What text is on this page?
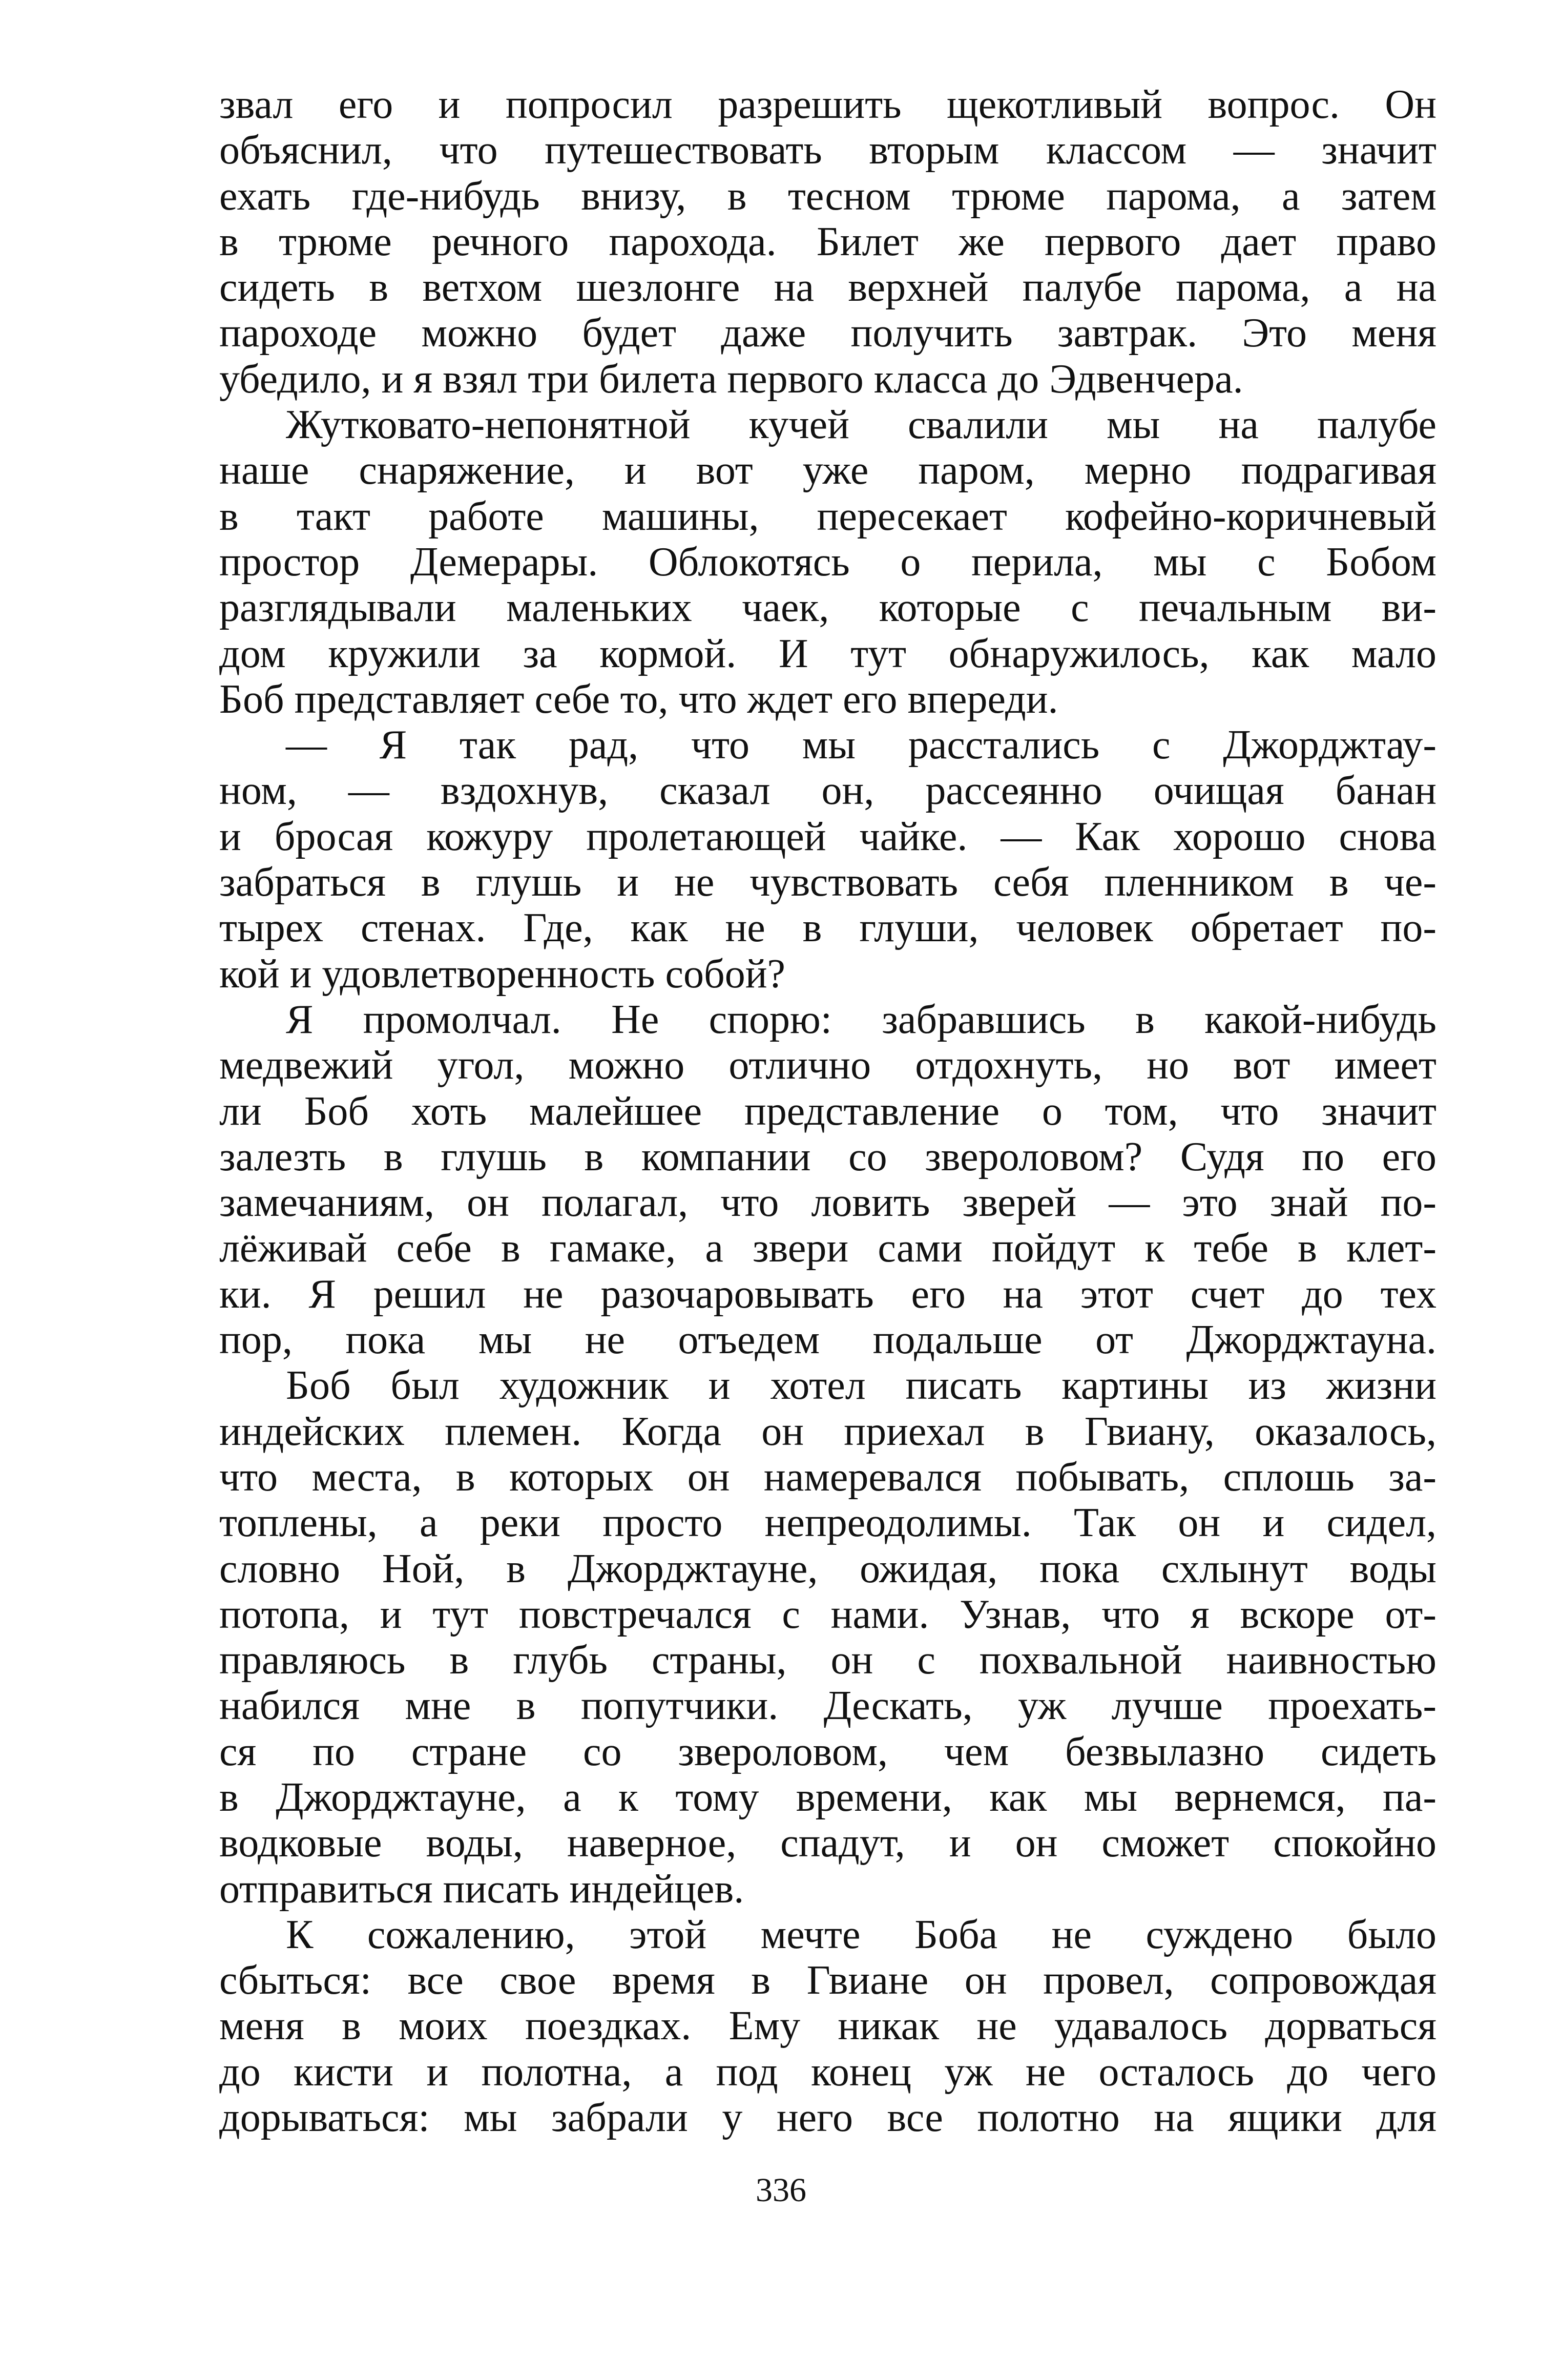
звал его и попросил разрешить щекотливый вопрос. Он
объяснил, что путешествовать вторым классом — значит
ехать где-нибудь внизу, в тесном трюме парома, а затем
в трюме речного парохода. Билет же первого дает право
сидеть в ветхом шезлонге на верхней палубе парома, а на
пароходе можно будет даже получить завтрак. Это меня
убедило, и я взял три билета первого класса до Эдвенчера.
Жутковато-непонятной кучей свалили мы на палубе
наше снаряжение, и вот уже паром, мерно подрагивая
в такт работе машины, пересекает кофейно-коричневый
простор Демерары. Облокотясь о перила, мы с Бобом
разглядывали маленьких чаек, которые с печальным ви-
дом кружили за кормой. И тут обнаружилось, как мало
Боб представляет себе то, что ждет его впереди.
— Я так рад, что мы расстались с Джорджтау-
ном, — вздохнув, сказал он, рассеянно очищая банан
и бросая кожуру пролетающей чайке. — Как хорошо снова
забраться в глушь и не чувствовать себя пленником в че-
тырех стенах. Где, как не в глуши, человек обретает по-
кой и удовлетворенность собой?
Я промолчал. Не спорю: забравшись в какой-нибудь
медвежий угол, можно отлично отдохнуть, но вот имеет
ли Боб хоть малейшее представление о том, что значит
залезть в глушь в компании со звероловом? Судя по его
замечаниям, он полагал, что ловить зверей — это знай по-
лёживай себе в гамаке, а звери сами пойдут к тебе в клет-
ки. Я решил не разочаровывать его на этот счет до тех
пор, пока мы не отъедем подальше от Джорджтауна.
Боб был художник и хотел писать картины из жизни
индейских племен. Когда он приехал в Гвиану, оказалось,
что места, в которых он намеревался побывать, сплошь за-
топлены, а реки просто непреодолимы. Так он и сидел,
словно Ной, в Джорджтауне, ожидая, пока схлынут воды
потопа, и тут повстречался с нами. Узнав, что я вскоре от-
правляюсь в глубь страны, он с похвальной наивностью
набился мне в попутчики. Дескать, уж лучше проехать-
ся по стране со звероловом, чем безвылазно сидеть
в Джорджтауне, а к тому времени, как мы вернемся, па-
водковые воды, наверное, спадут, и он сможет спокойно
отправиться писать индейцев.
К сожалению, этой мечте Боба не суждено было
сбыться: все свое время в Гвиане он провел, сопровождая
меня в моих поездках. Ему никак не удавалось дорваться
до кисти и полотна, а под конец уж не осталось до чего
дорываться: мы забрали у него все полотно на ящики для
336
